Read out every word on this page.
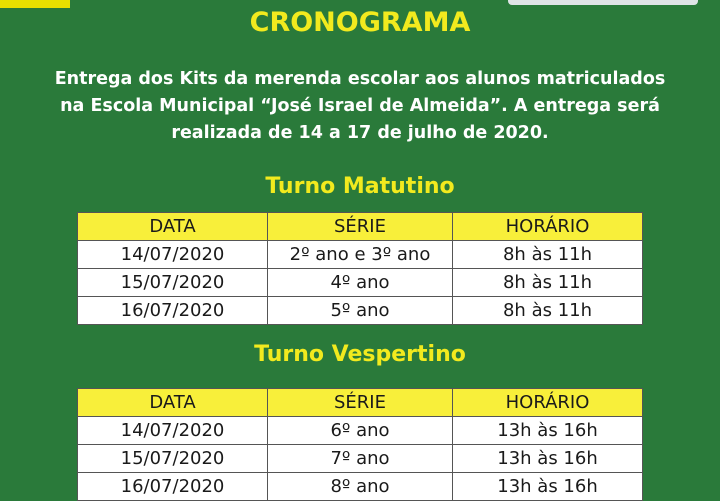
CRONOGRAMA
Entrega dos Kits da merenda escolar aos alunos matriculados
na Escola Municipal “José Israel de Almeida”. A entrega será
realizada de 14 a 17 de julho de 2020.
Turno Matutino
DATA	SÉRIE	HORÁRIO
14/07/2020	2º ano e 3º ano	8h às 11h
15/07/2020	4º ano	8h às 11h
16/07/2020	5º ano	8h às 11h
Turno Vespertino
DATA	SÉRIE	HORÁRIO
14/07/2020	6º ano	13h às 16h
15/07/2020	7º ano	13h às 16h
16/07/2020	8º ano	13h às 16h
